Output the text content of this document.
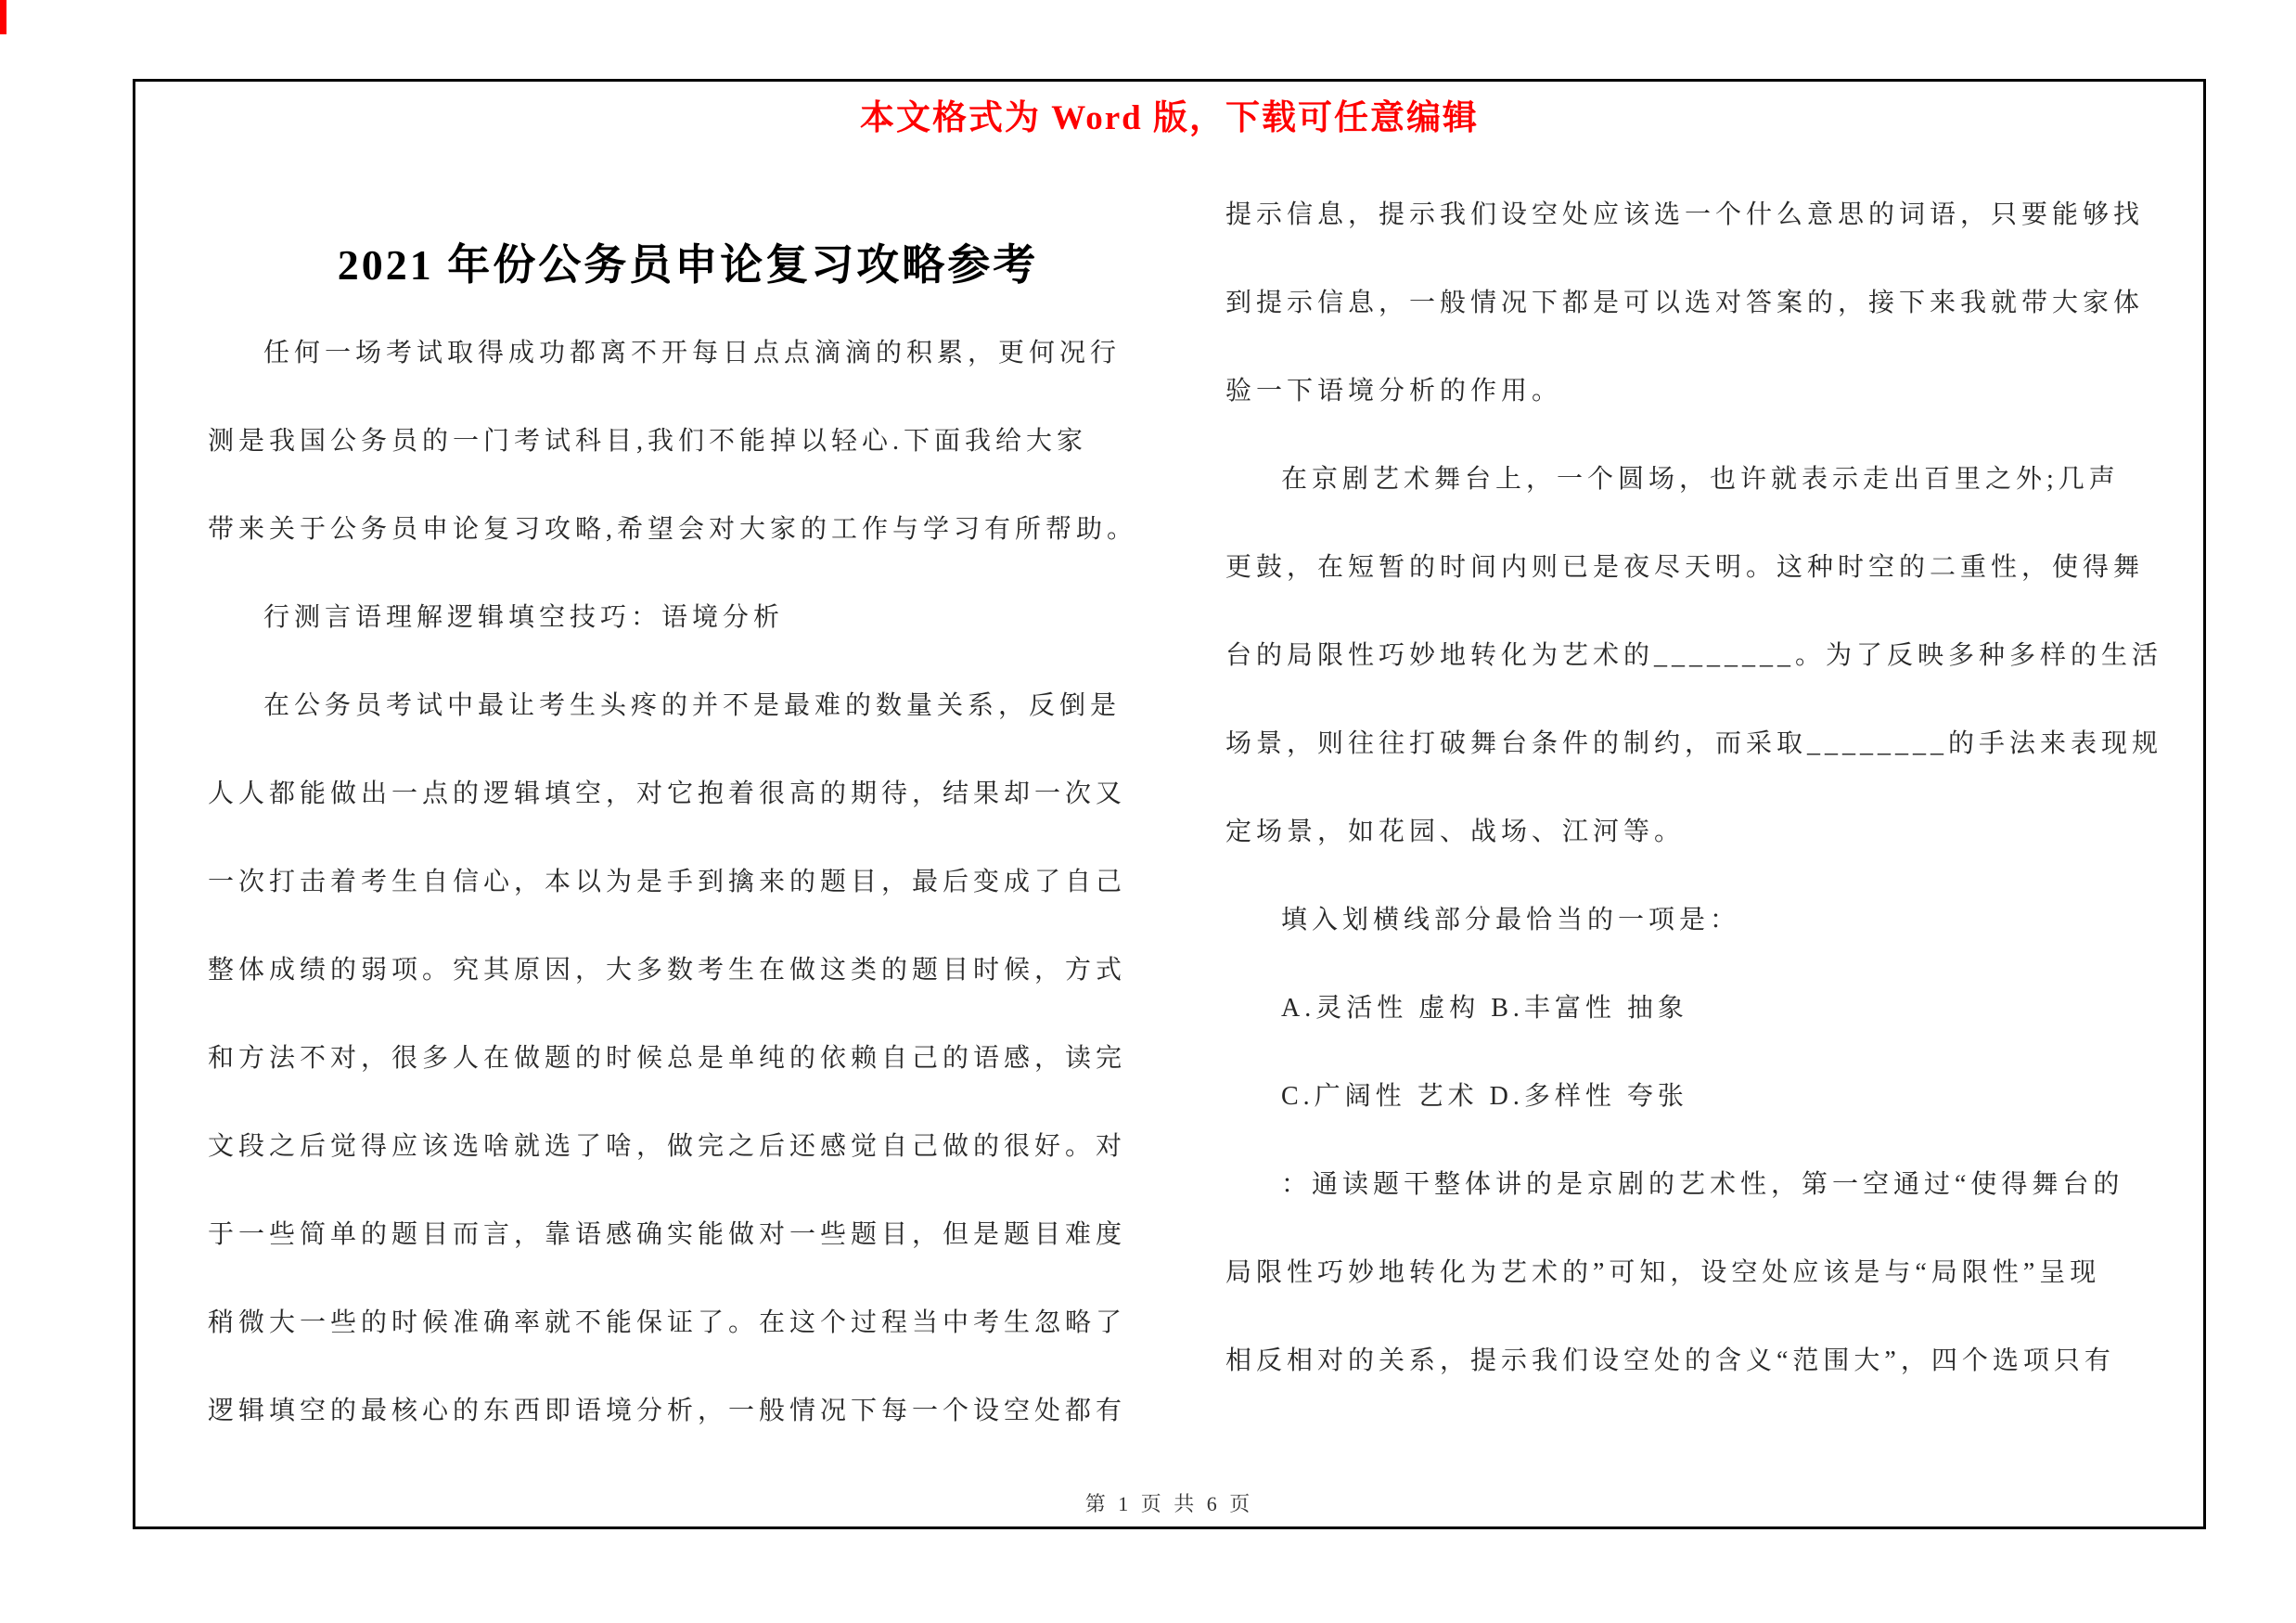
本文格式为 Word 版，下载可任意编辑
2021 年份公务员申论复习攻略参考
任何一场考试取得成功都离不开每日点点滴滴的积累，更何况行
测是我国公务员的一门考试科目,我们不能掉以轻心.下面我给大家
带来关于公务员申论复习攻略,希望会对大家的工作与学习有所帮助。
行测言语理解逻辑填空技巧：语境分析
在公务员考试中最让考生头疼的并不是最难的数量关系，反倒是
人人都能做出一点的逻辑填空，对它抱着很高的期待，结果却一次又
一次打击着考生自信心，本以为是手到擒来的题目，最后变成了自己
整体成绩的弱项。究其原因，大多数考生在做这类的题目时候，方式
和方法不对，很多人在做题的时候总是单纯的依赖自己的语感，读完
文段之后觉得应该选啥就选了啥，做完之后还感觉自己做的很好。对
于一些简单的题目而言，靠语感确实能做对一些题目，但是题目难度
稍微大一些的时候准确率就不能保证了。在这个过程当中考生忽略了
逻辑填空的最核心的东西即语境分析，一般情况下每一个设空处都有
提示信息，提示我们设空处应该选一个什么意思的词语，只要能够找
到提示信息，一般情况下都是可以选对答案的，接下来我就带大家体
验一下语境分析的作用。
在京剧艺术舞台上，一个圆场，也许就表示走出百里之外;几声
更鼓，在短暂的时间内则已是夜尽天明。这种时空的二重性，使得舞
台的局限性巧妙地转化为艺术的________。为了反映多种多样的生活
场景，则往往打破舞台条件的制约，而采取________的手法来表现规
定场景，如花园、战场、江河等。
填入划横线部分最恰当的一项是：
A.灵活性 虚构 B.丰富性 抽象
C.广阔性 艺术 D.多样性 夸张
：通读题干整体讲的是京剧的艺术性，第一空通过“使得舞台的
局限性巧妙地转化为艺术的”可知，设空处应该是与“局限性”呈现
相反相对的关系，提示我们设空处的含义“范围大”，四个选项只有
第 1 页 共 6 页
